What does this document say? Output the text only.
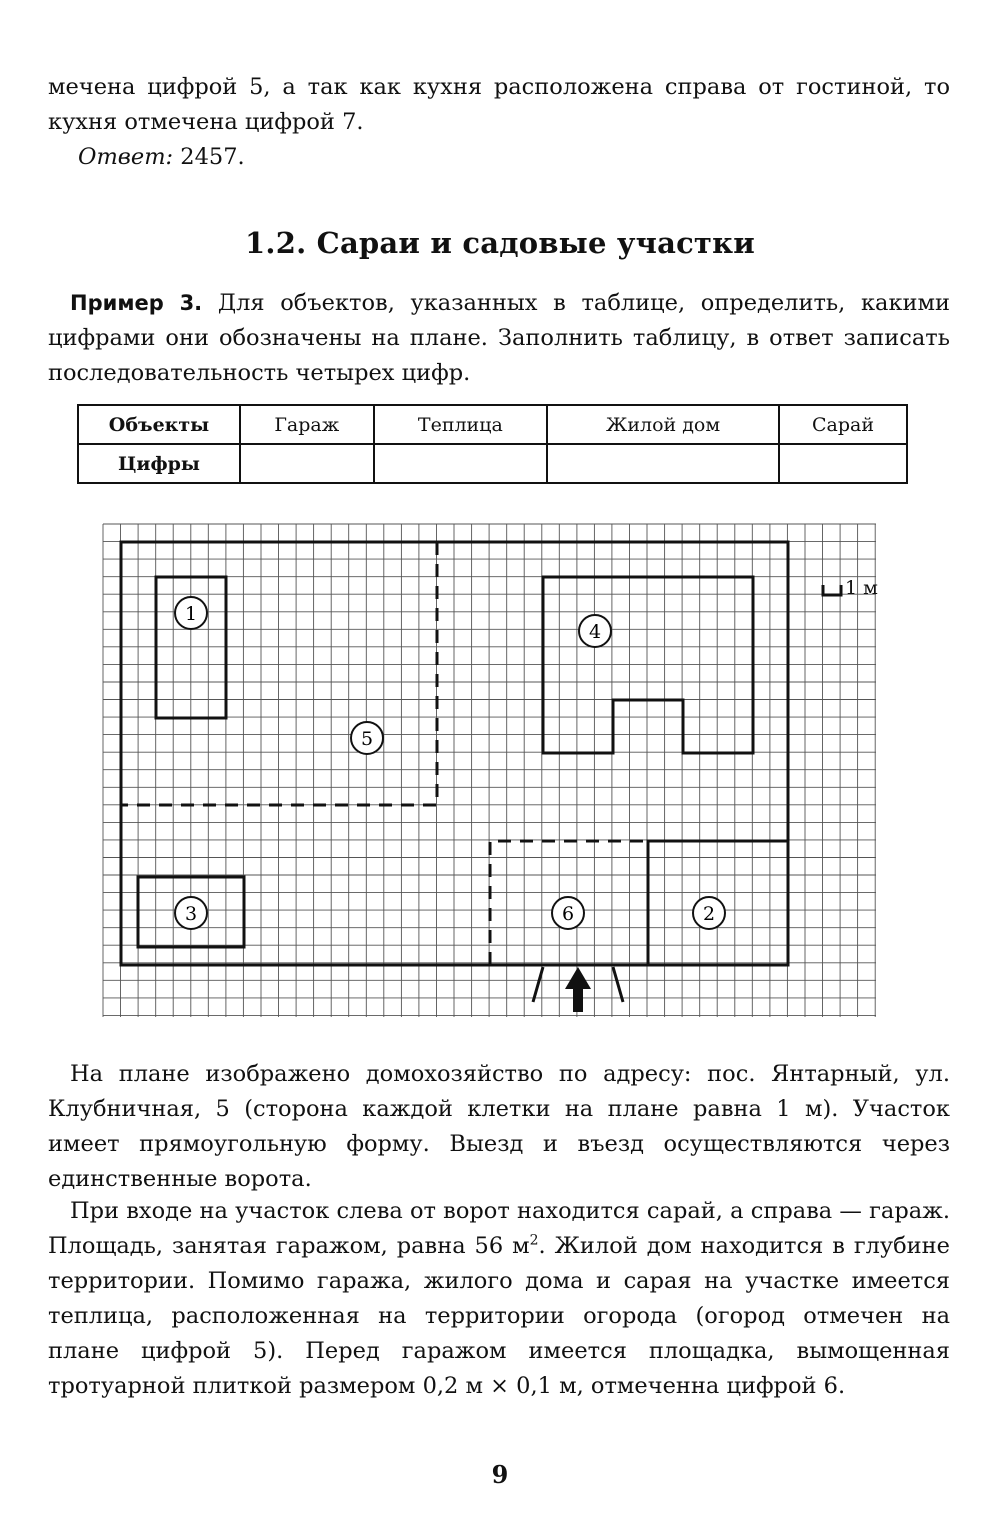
мечена цифрой 5, а так как кухня расположена справа от гостиной, то кухня отмечена цифрой 7.

Ответ: 2457.
1.2. Сараи и садовые участки

Пример 3. Для объектов, указанных в таблице, определить, какими цифрами они обозначены на плане. Заполнить таблицу, в ответ записать последовательность четырех цифр.

Объекты	Гараж	Теплица	Жилой дом	Сарай
Цифры				
1
2
3
4
5
6
1 м

На плане изображено домохозяйство по адресу: пос. Янтарный, ул. Клубничная, 5 (сторона каждой клетки на плане равна 1 м). Участок имеет прямоугольную форму. Выезд и въезд осуществляются через единственные ворота.

При входе на участок слева от ворот находится сарай, а справа — гараж. Площадь, занятая гаражом, равна 56 $м^2$. Жилой дом находится в глубине территории. Помимо гаража, жилого дома и сарая на участке имеется теплица, расположенная на территории огорода (огород отмечен на плане цифрой 5). Перед гаражом имеется площадка, вымощенная тротуарной плиткой размером 0,2 м × 0,1 м, отмеченна цифрой 6.

9
